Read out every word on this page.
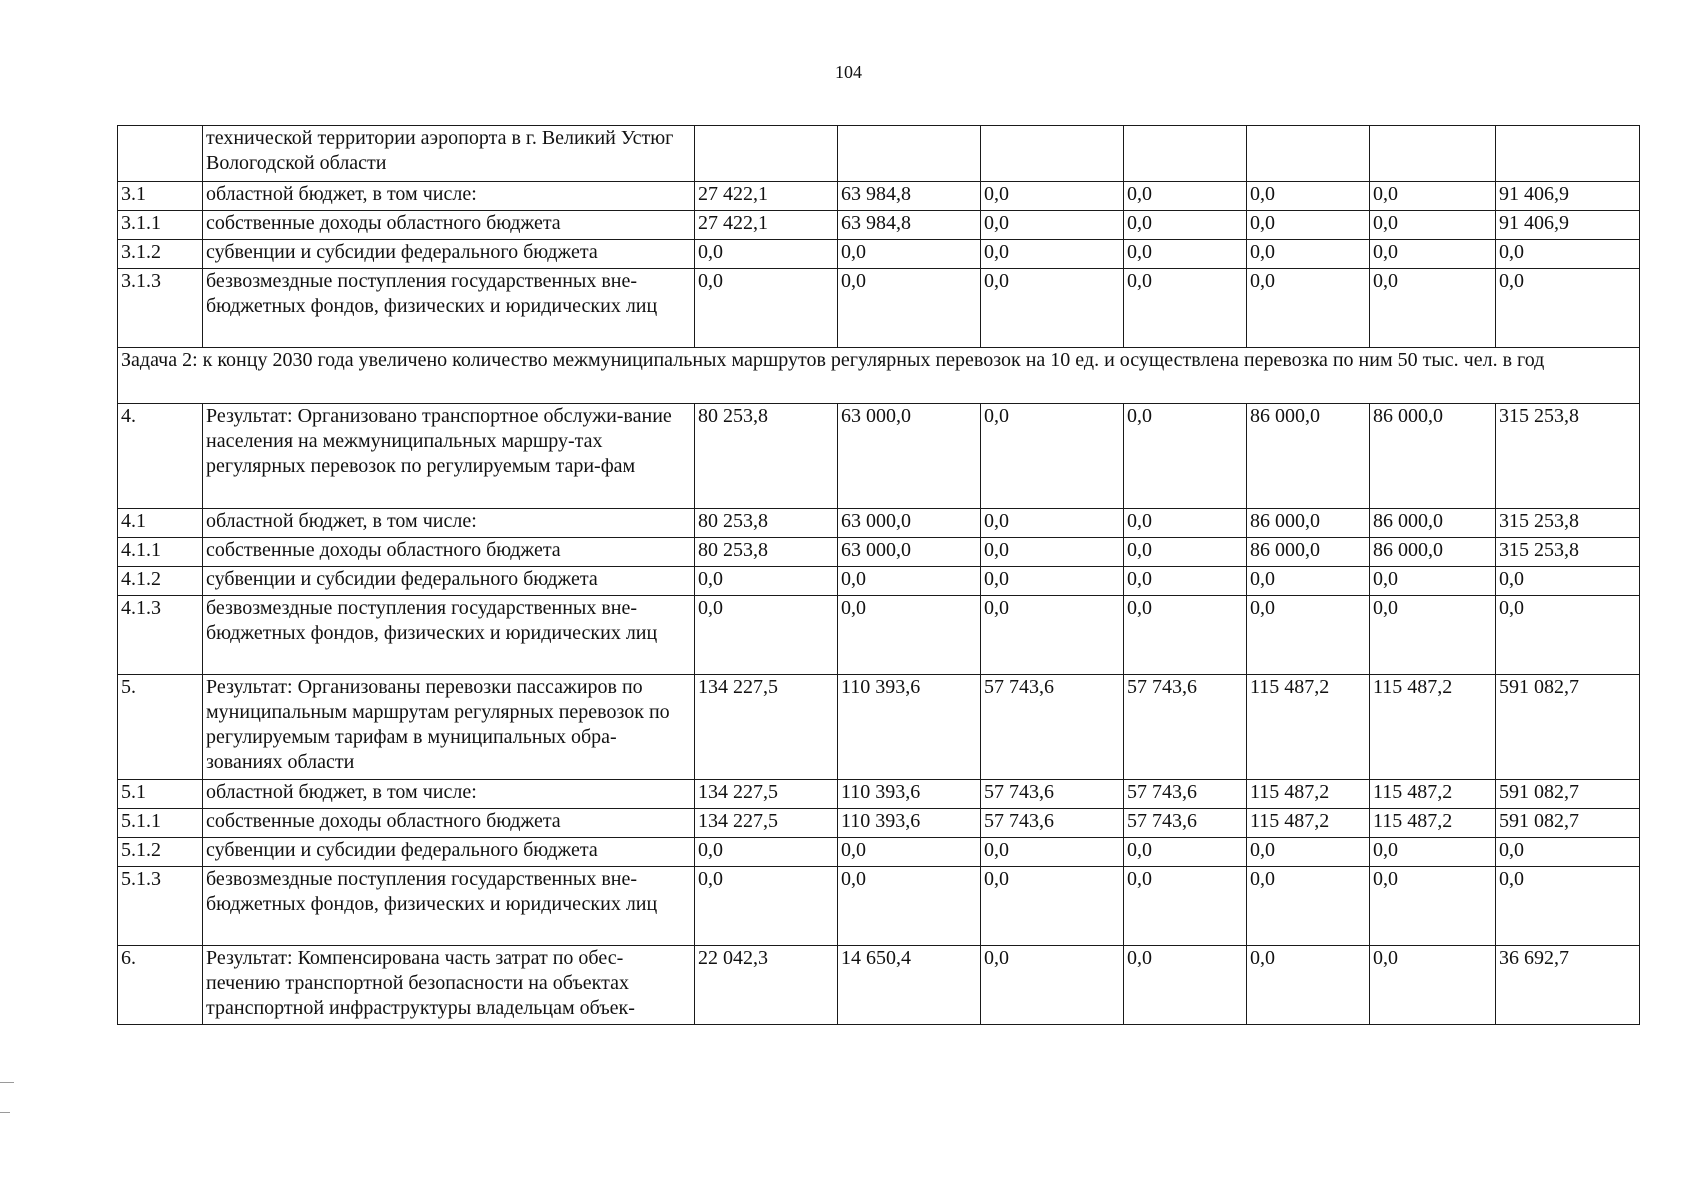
104
	технической территории аэропорта в г. Великий Устюг Вологодской области							
3.1	областной бюджет, в том числе:	27 422,1	63 984,8	0,0	0,0	0,0	0,0	91 406,9
3.1.1	собственные доходы областного бюджета	27 422,1	63 984,8	0,0	0,0	0,0	0,0	91 406,9
3.1.2	субвенции и субсидии федерального бюджета	0,0	0,0	0,0	0,0	0,0	0,0	0,0
3.1.3	безвозмездные поступления государственных вне-бюджетных фондов, физических и юридических лиц	0,0	0,0	0,0	0,0	0,0	0,0	0,0
Задача 2: к концу 2030 года увеличено количество межмуниципальных маршрутов регулярных перевозок на 10 ед. и осуществлена перевозка по ним 50 тыс. чел. в год								
4.	Результат: Организовано транспортное обслужи-вание населения на межмуниципальных маршру-тах регулярных перевозок по регулируемым тари-фам	80 253,8	63 000,0	0,0	0,0	86 000,0	86 000,0	315 253,8
4.1	областной бюджет, в том числе:	80 253,8	63 000,0	0,0	0,0	86 000,0	86 000,0	315 253,8
4.1.1	собственные доходы областного бюджета	80 253,8	63 000,0	0,0	0,0	86 000,0	86 000,0	315 253,8
4.1.2	субвенции и субсидии федерального бюджета	0,0	0,0	0,0	0,0	0,0	0,0	0,0
4.1.3	безвозмездные поступления государственных вне-бюджетных фондов, физических и юридических лиц	0,0	0,0	0,0	0,0	0,0	0,0	0,0
5.	Результат: Организованы перевозки пассажиров по муниципальным маршрутам регулярных перевозок по регулируемым тарифам в муниципальных обра-зованиях области	134 227,5	110 393,6	57 743,6	57 743,6	115 487,2	115 487,2	591 082,7
5.1	областной бюджет, в том числе:	134 227,5	110 393,6	57 743,6	57 743,6	115 487,2	115 487,2	591 082,7
5.1.1	собственные доходы областного бюджета	134 227,5	110 393,6	57 743,6	57 743,6	115 487,2	115 487,2	591 082,7
5.1.2	субвенции и субсидии федерального бюджета	0,0	0,0	0,0	0,0	0,0	0,0	0,0
5.1.3	безвозмездные поступления государственных вне-бюджетных фондов, физических и юридических лиц	0,0	0,0	0,0	0,0	0,0	0,0	0,0
6.	Результат: Компенсирована часть затрат по обес-печению транспортной безопасности на объектах транспортной инфраструктуры владельцам объек-	22 042,3	14 650,4	0,0	0,0	0,0	0,0	36 692,7
